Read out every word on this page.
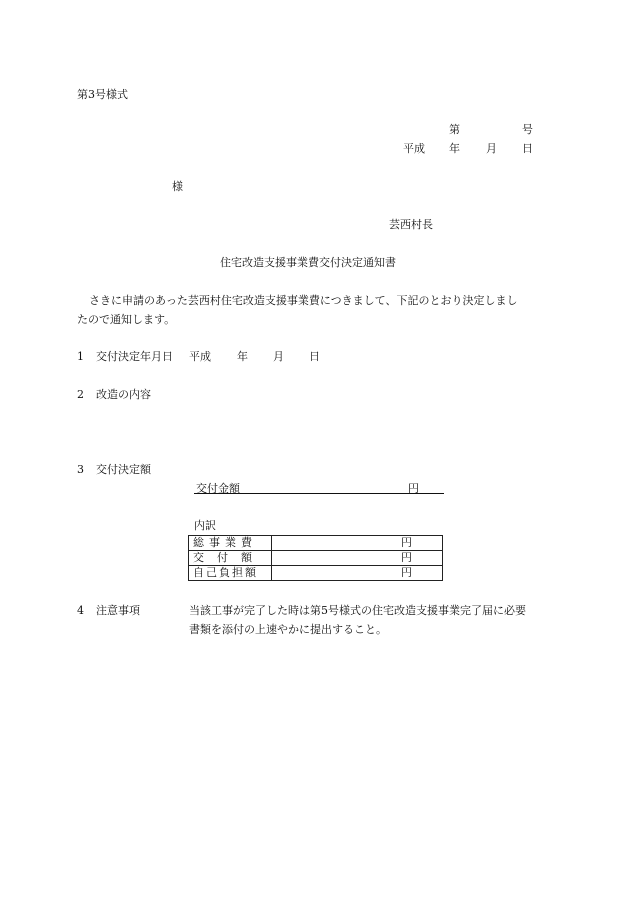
第3号様式
第	号
平成 年 月 日
様
芸西村長
住宅改造支援事業費交付決定通知書
さきに申請のあった芸西村住宅改造支援事業費につきまして、下記のとおり決定しまし
たので通知します。
1 交付決定年月日 平成 年 月 日
2 改造の内容
3 交付決定額
交付金額	円
内訳
総事業費	円
交付額	円
自己負担額	円
4 注意事項	当該工事が完了した時は第5号様式の住宅改造支援事業完了届に必要
書類を添付の上速やかに提出すること。
